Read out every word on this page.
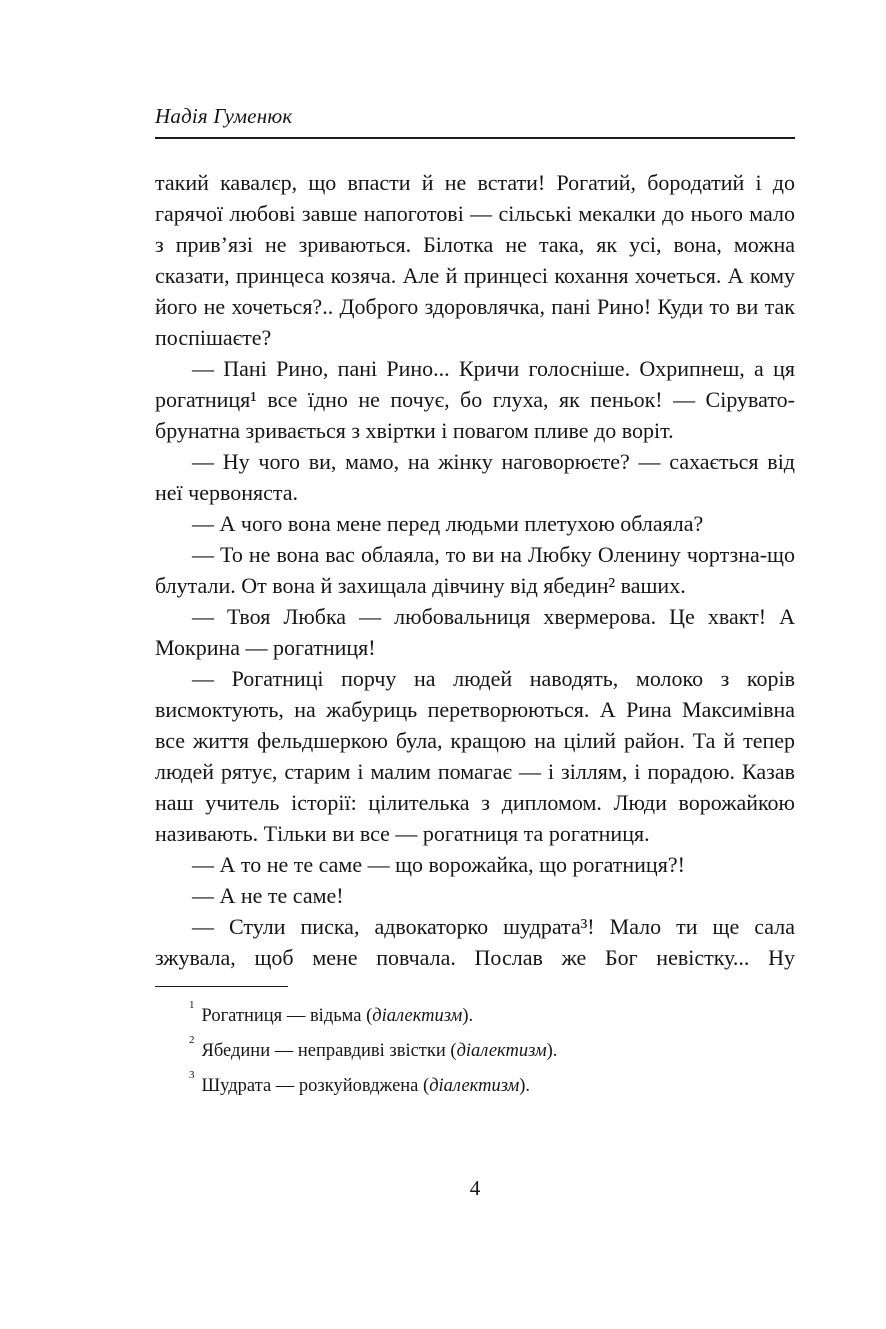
Надія Гуменюк

такий кавалєр, що впасти й не встати! Рогатий, бородатий і до гарячої любові завше напоготові — сільські мекалки до нього мало з прив’язі не зриваються. Білотка не така, як усі, вона, можна сказати, принцеса козяча. Але й принцесі кохання хочеться. А кому його не хочеться?.. Доброго здоровлячка, пані Рино! Куди то ви так поспішаєте?

— Пані Рино, пані Рино... Кричи голосніше. Охрипнеш, а ця рогатниця¹ все їдно не почує, бо глуха, як пеньок! — Сірувато-брунатна зривається з хвіртки і повагом пливе до воріт.

— Ну чого ви, мамо, на жінку наговорюєте? — сахається від неї червоняста.

— А чого вона мене перед людьми плетухою облаяла?

— То не вона вас облаяла, то ви на Любку Оленину чортзна-що блутали. От вона й захищала дівчину від ябедин² ваших.

— Твоя Любка — любовальниця хвермерова. Це хвакт! А Мокрина — рогатниця!

— Рогатниці порчу на людей наводять, молоко з корів висмоктують, на жабуриць перетворюються. А Рина Максимівна все життя фельдшеркою була, кращою на цілий район. Та й тепер людей рятує, старим і малим помагає — і зіллям, і порадою. Казав наш учитель історії: цілителька з дипломом. Люди ворожайкою називають. Тільки ви все — рогатниця та рогатниця.

— А то не те саме — що ворожайка, що рогатниця?!

— А не те саме!

— Стули писка, адвокаторко шудрата³! Мало ти ще сала зжувала, щоб мене повчала. Послав же Бог невістку... Ну

$^1$Рогатниця — відьма (діалектизм).

$^2$Ябедини — неправдиві звістки (діалектизм).

$^3$Шудрата — розкуйовджена (діалектизм).

4
